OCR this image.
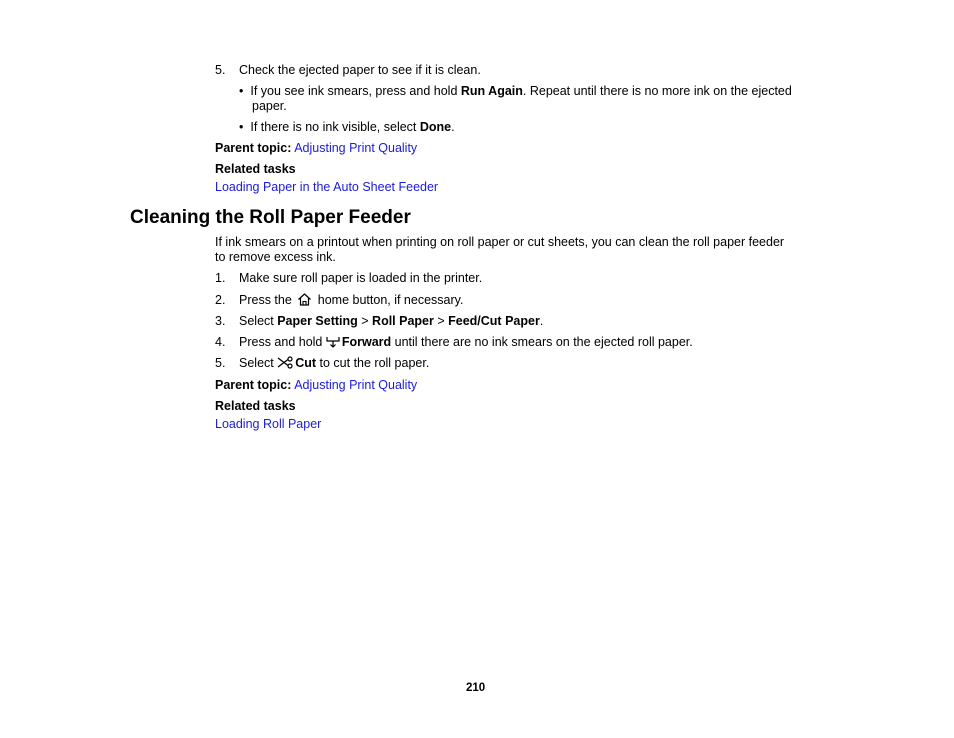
5. Check the ejected paper to see if it is clean.
• If you see ink smears, press and hold Run Again. Repeat until there is no more ink on the ejected
paper.
• If there is no ink visible, select Done.
Parent topic: Adjusting Print Quality
Related tasks
Loading Paper in the Auto Sheet Feeder
Cleaning the Roll Paper Feeder
If ink smears on a printout when printing on roll paper or cut sheets, you can clean the roll paper feeder
to remove excess ink.
1. Make sure roll paper is loaded in the printer.
2. Press the  home button, if necessary.
3. Select Paper Setting > Roll Paper > Feed/Cut Paper.
4. Press and hold Forward until there are no ink smears on the ejected roll paper.
5. Select Cut to cut the roll paper.
Parent topic: Adjusting Print Quality
Related tasks
Loading Roll Paper
210
